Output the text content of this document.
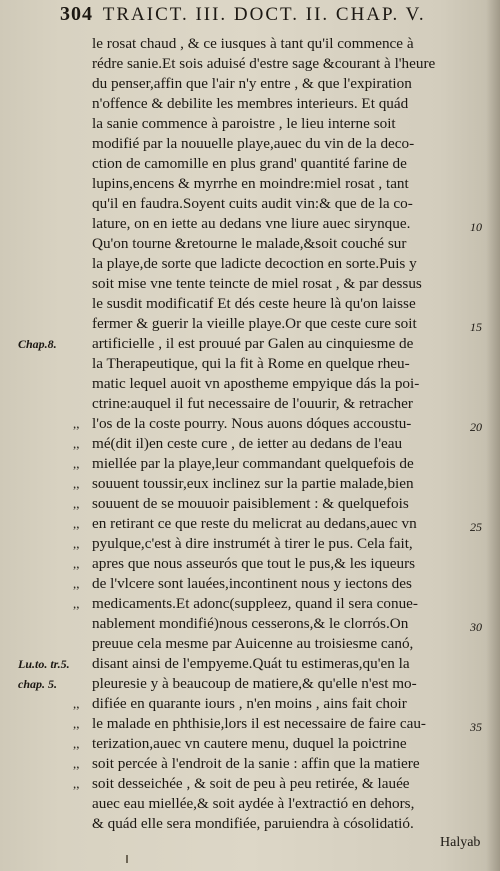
304 TRAICT. III. DOCT. II. CHAP. V.
le rosat chaud , & ce iusques à tant qu'il commence à
rédre sanie.Et sois aduisé d'estre sage &courant à l'heure
du penser,affin que l'air n'y entre , & que l'expiration
n'offence & debilite les membres interieurs. Et quád
la sanie commence à paroistre , le lieu interne soit
modifié par la nouuelle playe,auec du vin de la deco-
ction de camomille en plus grand' quantité farine de
lupins,encens & myrrhe en moindre:miel rosat , tant
qu'il en faudra.Soyent cuits audit vin:& que de la co-
lature, on en iette au dedans vne liure auec sirynque.
Qu'on tourne &retourne le malade,&soit couché sur
la playe,de sorte que ladicte decoction en sorte.Puis y
soit mise vne tente teincte de miel rosat , & par dessus
le susdit modificatif Et dés ceste heure là qu'on laisse
fermer & guerir la vieille playe.Or que ceste cure soit
artificielle , il est prouué par Galen au cinquiesme de
la Therapeutique, qui la fit à Rome en quelque rheu-
matic lequel auoit vn apostheme empyique dás la poi-
ctrine:auquel il fut necessaire de l'ouurir, & retracher
l'os de la coste pourry. Nous auons dóques accoustu-
mé(dit il)en ceste cure , de ietter au dedans de l'eau
miellée par la playe,leur commandant quelquefois de
souuent toussir,eux inclinez sur la partie malade,bien
souuent de se mouuoir paisiblement : & quelquefois
en retirant ce que reste du melicrat au dedans,auec vn
pyulque,c'est à dire instrumét à tirer le pus. Cela fait,
apres que nous asseurós que tout le pus,& les iqueurs
de l'vlcere sont lauées,incontinent nous y iectons des
medicaments.Et adonc(suppleez, quand il sera conue-
nablement mondifié)nous cesserons,& le clorrós.On
preuue cela mesme par Auicenne au troisiesme canó,
disant ainsi de l'empyeme.Quát tu estimeras,qu'en la
pleuresie y à beaucoup de matiere,& qu'elle n'est mo-
difiée en quarante iours , n'en moins , ains fait choir
le malade en phthisie,lors il est necessaire de faire cau-
terization,auec vn cautere menu, duquel la poictrine
soit percée à l'endroit de la sanie : affin que la matiere
soit desseichée , & soit de peu à peu retirée, & lauée
auec eau miellée,& soit aydée à l'extractió en dehors,
& quád elle sera mondifiée, paruiendra à cósolidatió.
,,
,,
,,
,,
,,
,,
,,
,,
,,
,,
,,
,,
,,
,,
,,
10
15
20
25
30
35
Chap.8.
Lu.to. tr.5.
chap. 5.
Halyab
